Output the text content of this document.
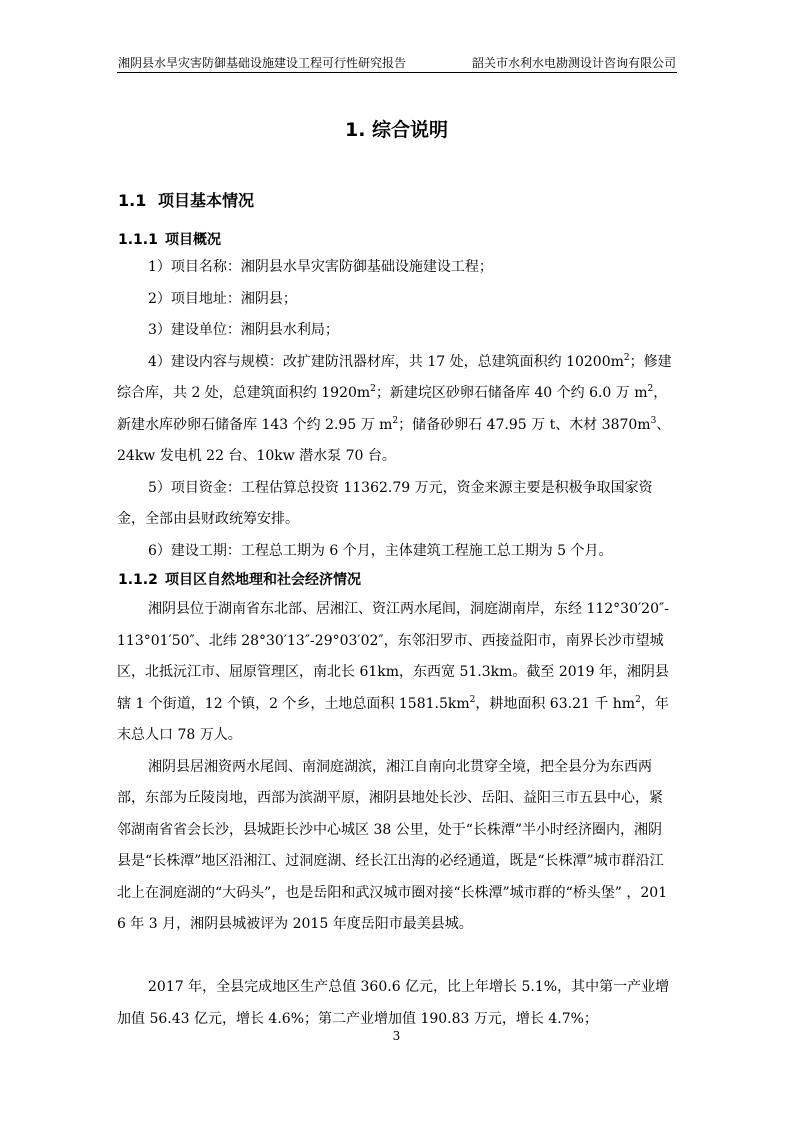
湘阴县水旱灾害防御基础设施建设工程可行性研究报告	韶关市水利水电勘测设计咨询有限公司
1. 综合说明
1.1 项目基本情况
1.1.1 项目概况

1）项目名称：湘阴县水旱灾害防御基础设施建设工程；

2）项目地址：湘阴县；

3）建设单位：湘阴县水利局；

4）建设内容与规模：改扩建防汛器材库，共 17 处，总建筑面积约 $10200m^2$；修建综合库，共 2 处，总建筑面积约 $1920m^2$；新建垸区砂卵石储备库 40 个约 6.0 万 $m^2$，新建水库砂卵石储备库 143 个约 2.95 万 $m^2$；储备砂卵石 47.95 万 t、木材 $3870m^3$、24kw 发电机 22 台、10kw 潜水泵 70 台。

5）项目资金：工程估算总投资 11362.79 万元，资金来源主要是积极争取国家资金，全部由县财政统筹安排。

6）建设工期：工程总工期为 6 个月，主体建筑工程施工总工期为 5 个月。

1.1.2 项目区自然地理和社会经济情况

湘阴县位于湖南省东北部、居湘江、资江两水尾闾，洞庭湖南岸，东经 112°30′20″-113°01′50″、北纬 28°30′13″-29°03′02″，东邻汨罗市、西接益阳市，南界长沙市望城区，北抵沅江市、屈原管理区，南北长 61km，东西宽 51.3km。截至 2019 年，湘阴县辖 1 个街道，12 个镇，2 个乡，土地总面积 $1581.5km^2$，耕地面积 63.21 千 $hm^2$，年末总人口 78 万人。

湘阴县居湘资两水尾闾、南洞庭湖滨，湘江自南向北贯穿全境，把全县分为东西两部，东部为丘陵岗地，西部为滨湖平原，湘阴县地处长沙、岳阳、益阳三市五县中心，紧邻湖南省省会长沙，县城距长沙中心城区 38 公里，处于“长株潭”半小时经济圈内，湘阴县是“长株潭”地区沿湘江、过洞庭湖、经长江出海的必经通道，既是“长株潭”城市群沿江北上在洞庭湖的“大码头”，也是岳阳和武汉城市圈对接“长株潭”城市群的“桥头堡” ，2016 年 3 月，湘阴县城被评为 2015 年度岳阳市最美县城。

2017 年，全县完成地区生产总值 360.6 亿元，比上年增长 5.1%，其中第一产业增加值 56.43 亿元，增长 4.6%；第二产业增加值 190.83 万元，增长 4.7%；

3
